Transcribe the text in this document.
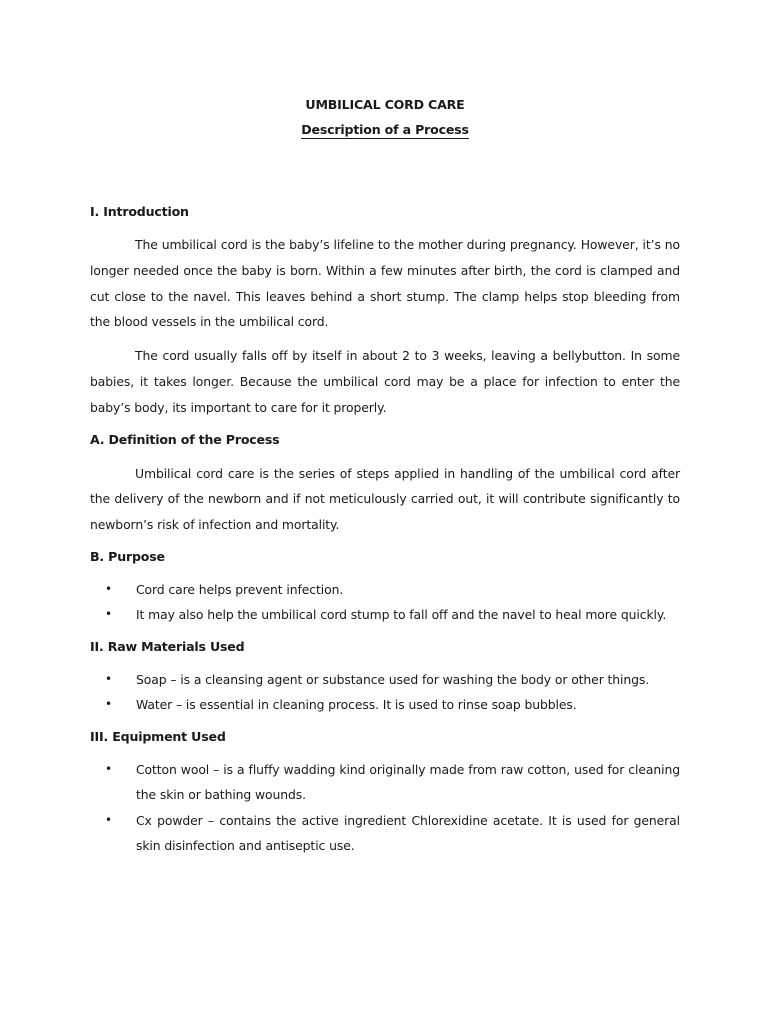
UMBILICAL CORD CARE
Description of a Process
I. Introduction

The umbilical cord is the baby’s lifeline to the mother during pregnancy. However, it’s no longer needed once the baby is born. Within a few minutes after birth, the cord is clamped and cut close to the navel. This leaves behind a short stump. The clamp helps stop bleeding from the blood vessels in the umbilical cord.

The cord usually falls off by itself in about 2 to 3 weeks, leaving a bellybutton. In some babies, it takes longer. Because the umbilical cord may be a place for infection to enter the baby’s body, its important to care for it properly.

A. Definition of the Process

Umbilical cord care is the series of steps applied in handling of the umbilical cord after the delivery of the newborn and if not meticulously carried out, it will contribute significantly to newborn’s risk of infection and mortality.

B. Purpose
• Cord care helps prevent infection.
• It may also help the umbilical cord stump to fall off and the navel to heal more quickly.
II. Raw Materials Used
• Soap – is a cleansing agent or substance used for washing the body or other things.
• Water – is essential in cleaning process. It is used to rinse soap bubbles.
III. Equipment Used
• Cotton wool – is a fluffy wadding kind originally made from raw cotton, used for cleaning the skin or bathing wounds.
• Cx powder – contains the active ingredient Chlorexidine acetate. It is used for general skin disinfection and antiseptic use.
